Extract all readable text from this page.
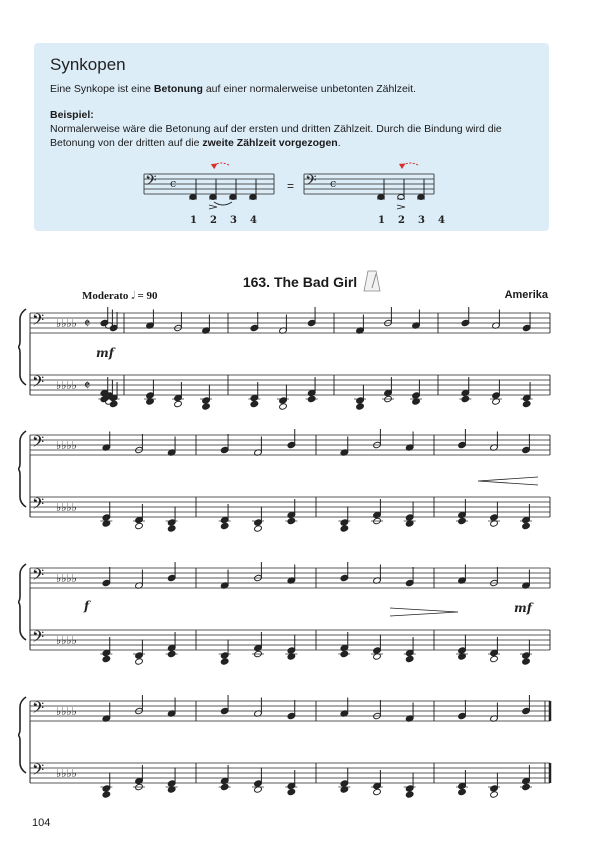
Synkopen
Eine Synkope ist eine Betonung auf einer normalerweise unbetonten Zählzeit.
Beispiel:
Normalerweise wäre die Betonung auf der ersten und dritten Zählzeit. Durch die Bindung wird die
Betonung von der dritten auf die zweite Zählzeit vorgezogen.
𝄢 c
1 2 3 4
= 𝄢 c
1 2 3 4
163. The Bad Girl
Moderato 𝅗𝅥 = 90	Amerika
𝄢 ♭♭♭♭ 𝄵
𝄢 ♭♭♭♭ 𝄵
mf
𝄢 ♭♭♭♭
𝄢 ♭♭♭♭
𝄢 ♭♭♭♭
𝄢 ♭♭♭♭
f	mf
𝄢 ♭♭♭♭
𝄢 ♭♭♭♭
104
